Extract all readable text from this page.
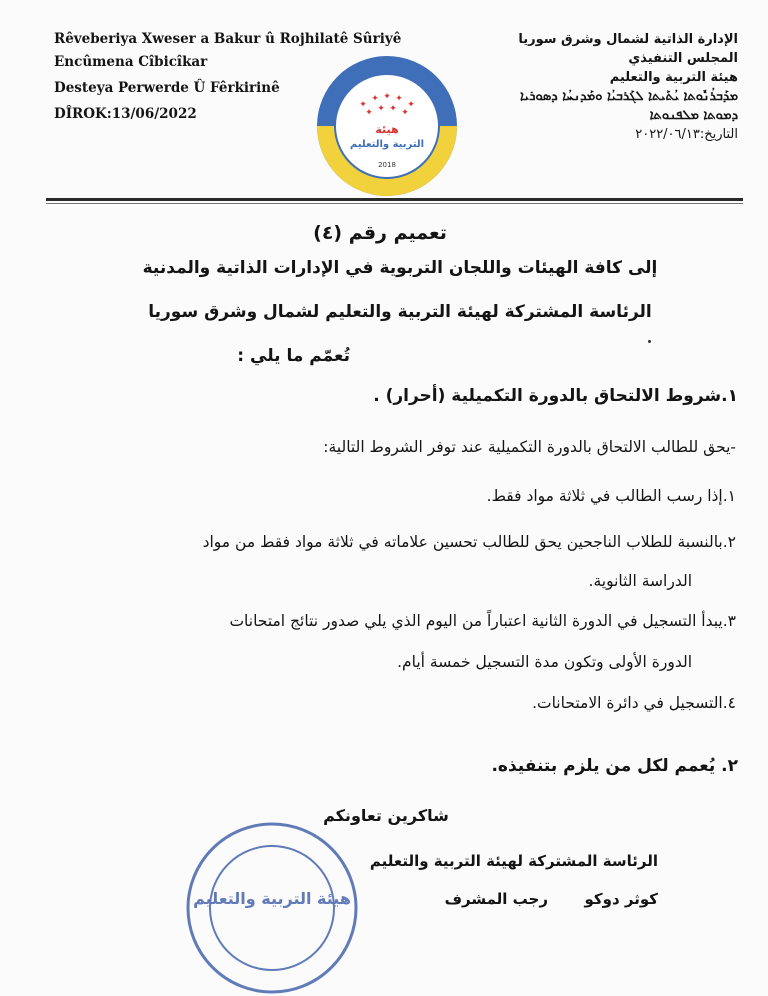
Rêveberiya Xweser a Bakur û Rojhilatê Sûriyê
Encûmena Cîbicîkar
Desteya Perwerde Û Fêrkirinê
DÎROK:13/06/2022
الإدارة الذاتية لشمال وشرق سوريا
المجلس التنفيذي
هيئة التربية والتعليم
ܡܕܰܒܪܳܢܽܘܬܐ ܝܳܬܰܝܬܐ ܠܓܰܪܒܝܳܐ ܘܡܰܕܢܚܳܐ ܕܣܘܪܝܐ
ܕܡܘܬܐ ܡܠܦܢܘܬܐ
التاريخ:٢٠٢٢/٠٦/١٣
✦
✦ ✦ ✦
✦
✦ ✦ ✦ ✦
هيئة
التربية والتعليم
2018
تعميم رقم (٤)
إلى كافة الهيئات واللجان التربوية في الإدارات الذاتية والمدنية
الرئاسة المشتركة لهيئة التربية والتعليم لشمال وشرق سوريا
تُعمّم ما يلي :
١.شروط الالتحاق بالدورة التكميلية (أحرار) .
-يحق للطالب الالتحاق بالدورة التكميلية عند توفر الشروط التالية:
١.إذا رسب الطالب في ثلاثة مواد فقط.
٢.بالنسبة للطلاب الناجحين يحق للطالب تحسين علاماته في ثلاثة مواد فقط من مواد
الدراسة الثانوية.
٣.يبدأ التسجيل في الدورة الثانية اعتباراً من اليوم الذي يلي صدور نتائج امتحانات
الدورة الأولى وتكون مدة التسجيل خمسة أيام.
٤.التسجيل في دائرة الامتحانات.
٢. يُعمم لكل من يلزم بتنفيذه.
هيئة التربية والتعليم
شاكرين تعاونكم
الرئاسة المشتركة لهيئة التربية والتعليم
كوثر دوكو       رجب المشرف
